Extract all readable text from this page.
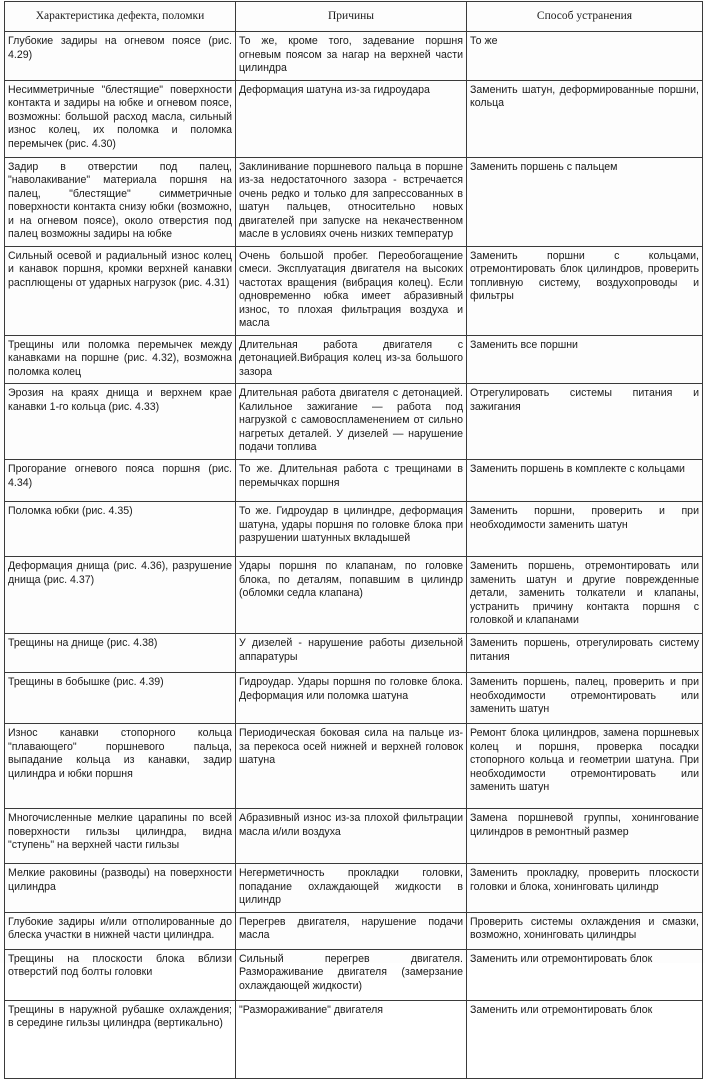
Характеристика дефекта, поломки	Причины	Способ устранения
Глубокие задиры на огневом поясе (рис. 4.29)	То же, кроме того, задевание поршня огневым поясом за нагар на верхней части цилиндра	То же
Несимметричные "блестящие" поверхности контакта и задиры на юбке и огневом поясе, возможны: большой расход масла, сильный износ колец, их поломка и поломка перемычек (рис. 4.30)	Деформация шатуна из-за гидроудара	Заменить шатун, деформированные поршни, кольца
Задир в отверстии под палец, "наволакивание" материала поршня на палец, "блестящие" симметричные поверхности контакта снизу юбки (возможно, и на огневом поясе), около отверстия под палец возможны задиры на юбке	Заклинивание поршневого пальца в поршне из-за недостаточного зазора - встречается очень редко и только для запрессованных в шатун пальцев, относительно новых двигателей при запуске на некачественном масле в условиях очень низких температур	Заменить поршень с пальцем
Сильный осевой и радиальный износ колец и канавок поршня, кромки верхней канавки расплющены от ударных нагрузок (рис. 4.31)	Очень большой пробег. Переобогащение смеси. Эксплуатация двигателя на высоких частотах вращения (вибрация колец). Если одновременно юбка имеет абразивный износ, то плохая фильтрация воздуха и масла	Заменить поршни с кольцами, отремонтировать блок цилиндров, проверить топливную систему, воздухопроводы и фильтры
Трещины или поломка перемычек между канавками на поршне (рис. 4.32), возможна поломка колец	Длительная работа двигателя с детонацией.Вибрация колец из-за большого зазора	Заменить все поршни
Эрозия на краях днища и верхнем крае канавки 1-го кольца (рис. 4.33)	Длительная работа двигателя с детонацией. Калильное зажигание — работа под нагрузкой с самовоспламенением от сильно нагретых деталей. У дизелей — нарушение подачи топлива	Отрегулировать системы питания и зажигания
Прогорание огневого пояса поршня (рис. 4.34)	То же. Длительная работа с трещинами в перемычках поршня	Заменить поршень в комплекте с кольцами
Поломка юбки (рис. 4.35)	То же. Гидроудар в цилиндре, деформация шатуна, удары поршня по головке блока при разрушении шатунных вкладышей	Заменить поршни, проверить и при необходимости заменить шатун
Деформация днища (рис. 4.36), разрушение днища (рис. 4.37)	Удары поршня по клапанам, по головке блока, по деталям, попавшим в цилиндр (обломки седла клапана)	Заменить поршень, отремонтировать или заменить шатун и другие поврежденные детали, заменить толкатели и клапаны, устранить причину контакта поршня с головкой и клапанами
Трещины на днище (рис. 4.38)	У дизелей - нарушение работы дизельной аппаратуры	Заменить поршень, отрегулировать систему питания
Трещины в бобышке (рис. 4.39)	Гидроудар. Удары поршня по головке блока. Деформация или поломка шатуна	Заменить поршень, палец, проверить и при необходимости отремонтировать или заменить шатун
Износ канавки стопорного кольца "плавающего" поршневого пальца, выпадание кольца из канавки, задир цилиндра и юбки поршня	Периодическая боковая сила на пальце из-за перекоса осей нижней и верхней головок шатуна	Ремонт блока цилиндров, замена поршневых колец и поршня, проверка посадки стопорного кольца и геометрии шатуна. При необходимости отремонтировать или заменить шатун
Многочисленные мелкие царапины по всей поверхности гильзы цилиндра, видна "ступень" на верхней части гильзы	Абразивный износ из-за плохой фильтрации масла и/или воздуха	Замена поршневой группы, хонингование цилиндров в ремонтный размер
Мелкие раковины (разводы) на поверхности цилиндра	Негерметичность прокладки головки, попадание охлаждающей жидкости в цилиндр	Заменить прокладку, проверить плоскости головки и блока, хонинговать цилиндр
Глубокие задиры и/или отполированные до блеска участки в нижней части цилиндра.	Перегрев двигателя, нарушение подачи масла	Проверить системы охлаждения и смазки, возможно, хонинговать цилиндры
Трещины на плоскости блока вблизи отверстий под болты головки	Сильный перегрев двигателя. Размораживание двигателя (замерзание охлаждающей жидкости)	Заменить или отремонтировать блок
Трещины в наружной рубашке охлаждения; в середине гильзы цилиндра (вертикально)	"Размораживание" двигателя	Заменить или отремонтировать блок
